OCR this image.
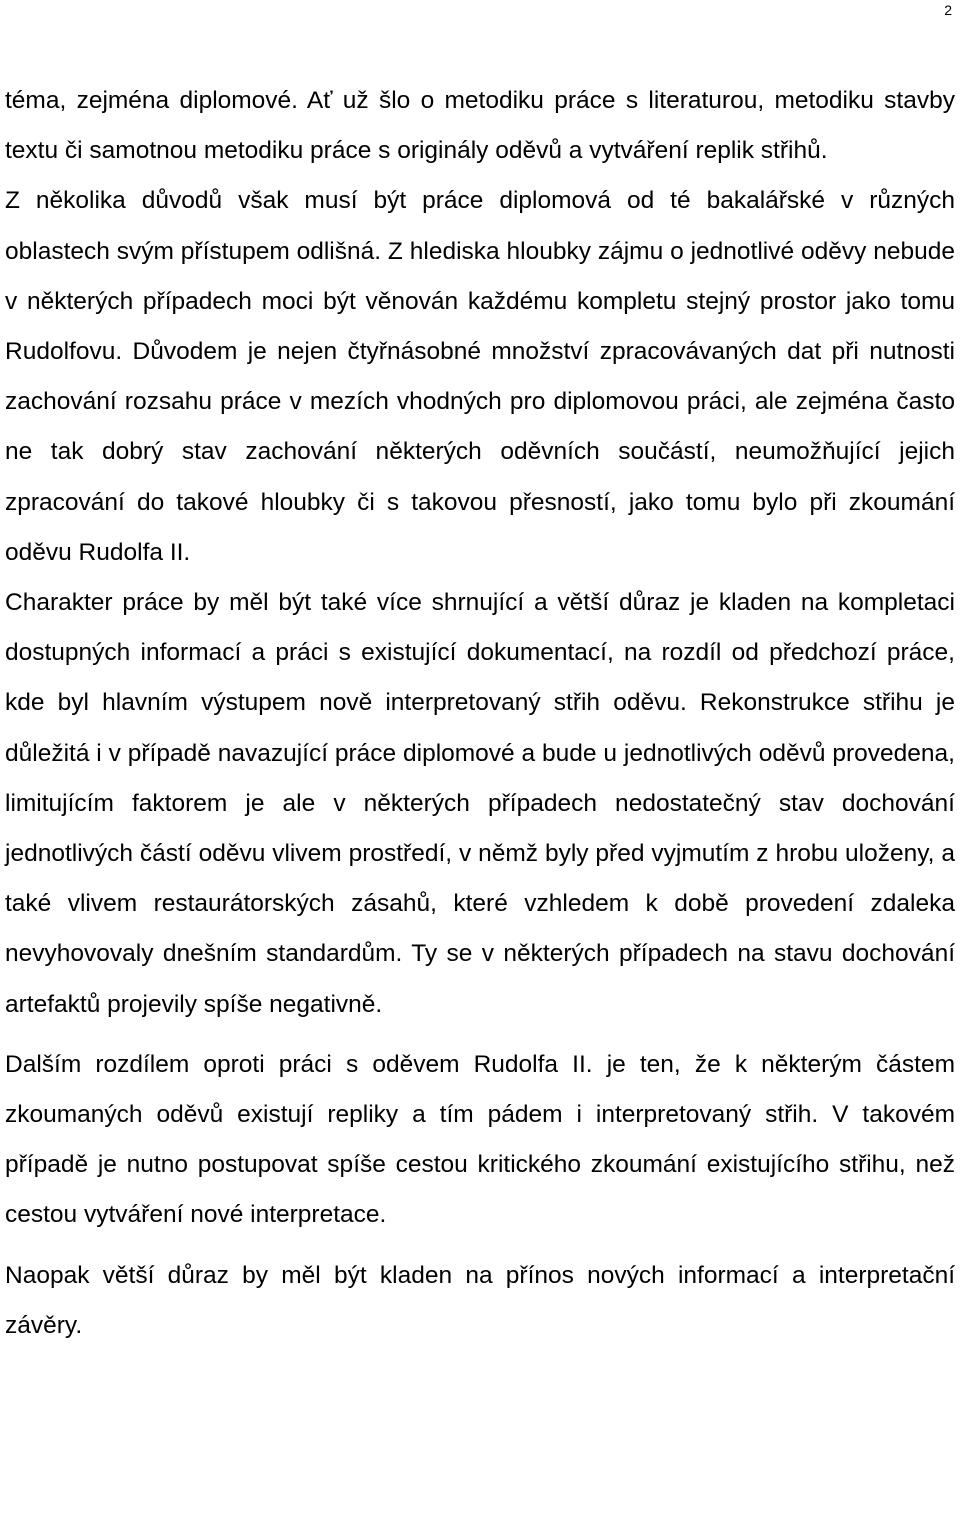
2

téma, zejména diplomové. Ať už šlo o metodiku práce s literaturou, metodiku stavby textu či samotnou metodiku práce s originály oděvů a vytváření replik střihů.

Z několika důvodů však musí být práce diplomová od té bakalářské v různých oblastech svým přístupem odlišná. Z hlediska hloubky zájmu o jednotlivé oděvy nebude v některých případech moci být věnován každému kompletu stejný prostor jako tomu Rudolfovu. Důvodem je nejen čtyřnásobné množství zpracovávaných dat při nutnosti zachování rozsahu práce v mezích vhodných pro diplomovou práci, ale zejména často ne tak dobrý stav zachování některých oděvních součástí, neumožňující jejich zpracování do takové hloubky či s takovou přesností, jako tomu bylo při zkoumání oděvu Rudolfa II.

Charakter práce by měl být také více shrnující a větší důraz je kladen na kompletaci dostupných informací a práci s existující dokumentací, na rozdíl od předchozí práce, kde byl hlavním výstupem nově interpretovaný střih oděvu. Rekonstrukce střihu je důležitá i v případě navazující práce diplomové a bude u jednotlivých oděvů provedena, limitujícím faktorem je ale v některých případech nedostatečný stav dochování jednotlivých částí oděvu vlivem prostředí, v němž byly před vyjmutím z hrobu uloženy, a také vlivem restaurátorských zásahů, které vzhledem k době provedení zdaleka nevyhovovaly dnešním standardům. Ty se v některých případech na stavu dochování artefaktů projevily spíše negativně.

Dalším rozdílem oproti práci s oděvem Rudolfa II. je ten, že k některým částem zkoumaných oděvů existují repliky a tím pádem i interpretovaný střih. V takovém případě je nutno postupovat spíše cestou kritického zkoumání existujícího střihu, než cestou vytváření nové interpretace.

Naopak větší důraz by měl být kladen na přínos nových informací a interpretační závěry.
